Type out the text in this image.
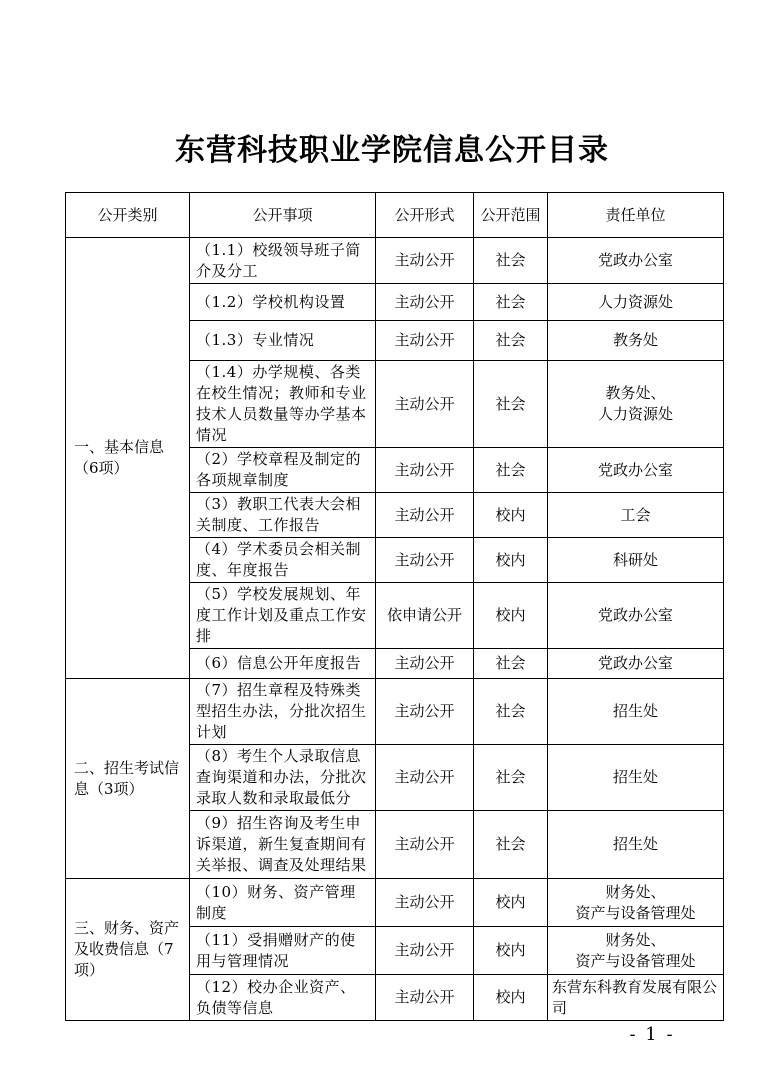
东营科技职业学院信息公开目录
公开类别	公开事项	公开形式	公开范围	责任单位
一、基本信息（6项）	（1.1）校级领导班子简介及分工	主动公开	社会	党政办公室
	（1.2）学校机构设置	主动公开	社会	人力资源处
	（1.3）专业情况	主动公开	社会	教务处
	（1.4）办学规模、各类在校生情况；教师和专业技术人员数量等办学基本情况	主动公开	社会	教务处、
人力资源处
	（2）学校章程及制定的各项规章制度	主动公开	社会	党政办公室
	（3）教职工代表大会相关制度、工作报告	主动公开	校内	工会
	（4）学术委员会相关制度、年度报告	主动公开	校内	科研处
	（5）学校发展规划、年度工作计划及重点工作安排	依申请公开	校内	党政办公室
	（6）信息公开年度报告	主动公开	社会	党政办公室
二、招生考试信息（3项）	（7）招生章程及特殊类型招生办法，分批次招生计划	主动公开	社会	招生处
	（8）考生个人录取信息查询渠道和办法，分批次录取人数和录取最低分	主动公开	社会	招生处
	（9）招生咨询及考生申诉渠道，新生复查期间有关举报、调查及处理结果	主动公开	社会	招生处
三、财务、资产及收费信息（7项）	（10）财务、资产管理制度	主动公开	校内	财务处、
资产与设备管理处
	（11）受捐赠财产的使用与管理情况	主动公开	校内	财务处、
资产与设备管理处
	（12）校办企业资产、负债等信息	主动公开	校内	东营东科教育发展有限公司
- 1 -
